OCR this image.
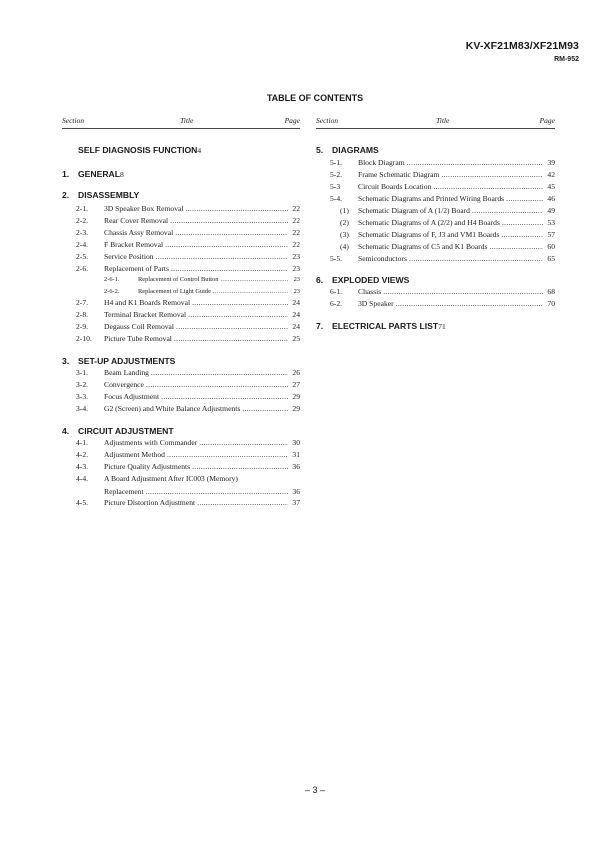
KV-XF21M83/XF21M93
RM-952
TABLE OF CONTENTS
Section	Title	Page Section	Title	Page
SELF DIAGNOSIS FUNCTION4
1. GENERAL8
2. DISASSEMBLY
2-1. 3D Speaker Box Removal .....	22
2-2. Rear Cover Removal .....	22
2-3. Chassis Assy Removal .....	22
2-4. F Bracket Removal .....	22
2-5. Service Position .....	23
2-6. Replacement of Parts .....	23
2-6-1.	Replacement of Control Button .....	23
2-6-2.	Replacement of Light Guide .....	23
2-7. H4 and K1 Boards Removal .....	24
2-8. Terminal Bracket Removal .....	24
2-9. Degauss Coil Removal .....	24
2-10. Picture Tube Removal .....	25
3. SET-UP ADJUSTMENTS
3-1. Beam Landing .....	26
3-2. Convergence .....	27
3-3. Focus Adjustment .....	29
3-4. G2 (Screen) and White Balance Adjustments .....	29
4. CIRCUIT ADJUSTMENT
4-1. Adjustments with Commander .....	30
4-2. Adjustment Method .....	31
4-3. Picture Quality Adjustments .....	36
4-4. A Board Adjustment After IC003 (Memory)
Replacement .....	36
4-5. Picture Distortion Adjustment .....	37
5. DIAGRAMS
5-1. Block Diagram .....	39
5-2. Frame Schematic Diagram .....	42
5-3 Circuit Boards Location .....	45
5-4. Schematic Diagrams and Printed Wiring Boards .....	46
(1) Schematic Diagram of A (1/2) Board .....	49
(2) Schematic Diagrams of A (2/2) and H4 Boards .....	53
(3) Schematic Diagrams of F, J3 and VM1 Boards .....	57
(4) Schematic Diagrams of C5 and K1 Boards .....	60
5-5. Semiconductors .....	65
6. EXPLODED VIEWS
6-1. Chassis .....	68
6-2. 3D Speaker .....	70
7. ELECTRICAL PARTS LIST71
– 3 –
